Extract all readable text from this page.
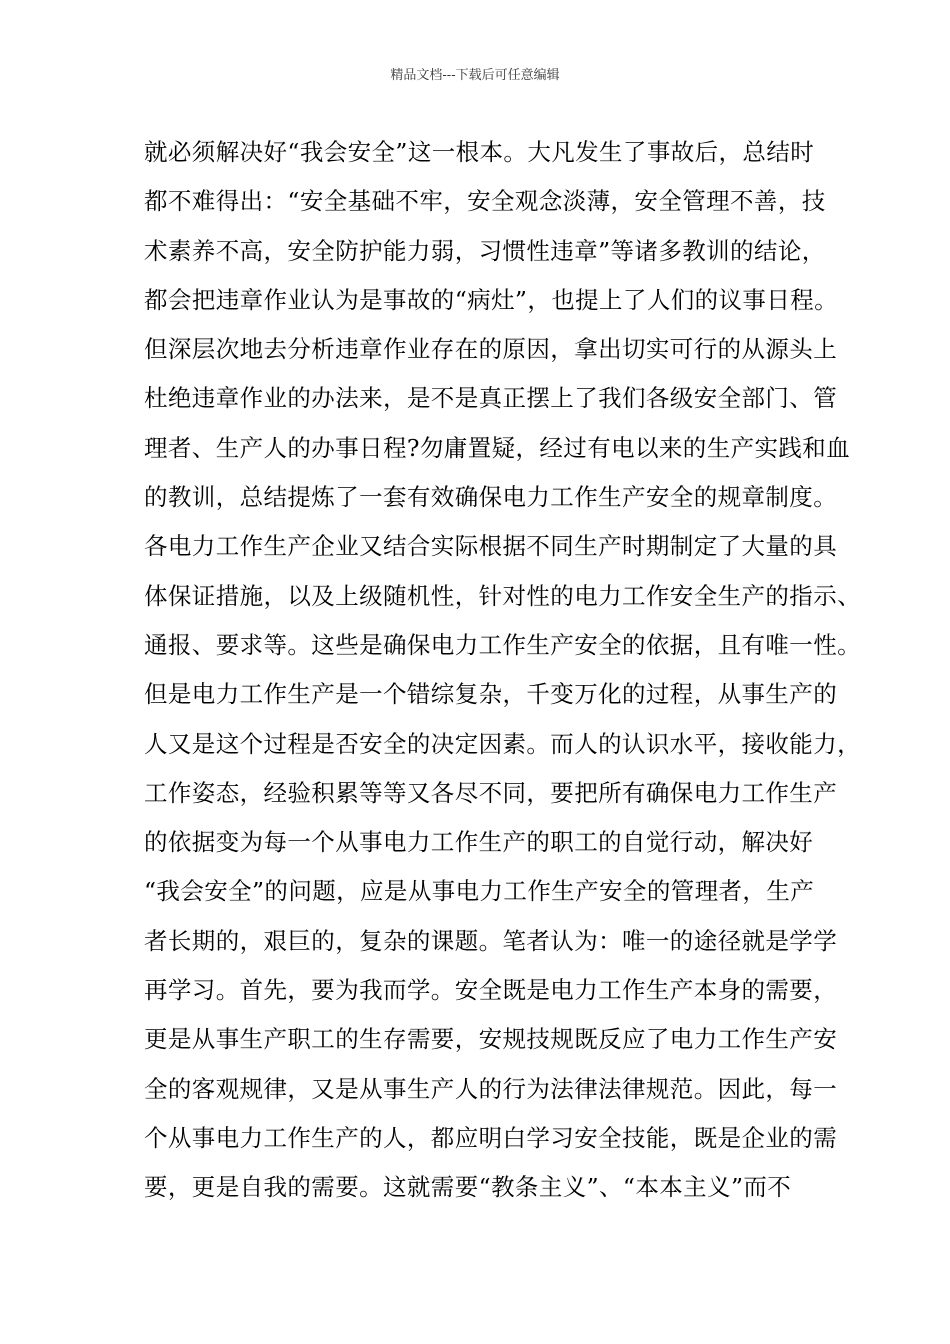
精品文档---下载后可任意编辑
就必须解决好“我会安全”这一根本。大凡发生了事故后，总结时
都不难得出：“安全基础不牢，安全观念淡薄，安全管理不善，技
术素养不高，安全防护能力弱，习惯性违章”等诸多教训的结论，
都会把违章作业认为是事故的“病灶”，也提上了人们的议事日程。
但深层次地去分析违章作业存在的原因，拿出切实可行的从源头上
杜绝违章作业的办法来，是不是真正摆上了我们各级安全部门、管
理者、生产人的办事日程?勿庸置疑，经过有电以来的生产实践和血
的教训，总结提炼了一套有效确保电力工作生产安全的规章制度。
各电力工作生产企业又结合实际根据不同生产时期制定了大量的具
体保证措施，以及上级随机性，针对性的电力工作安全生产的指示、
通报、要求等。这些是确保电力工作生产安全的依据，且有唯一性。
但是电力工作生产是一个错综复杂，千变万化的过程，从事生产的
人又是这个过程是否安全的决定因素。而人的认识水平，接收能力，
工作姿态，经验积累等等又各尽不同，要把所有确保电力工作生产
的依据变为每一个从事电力工作生产的职工的自觉行动，解决好
“我会安全”的问题，应是从事电力工作生产安全的管理者，生产
者长期的，艰巨的，复杂的课题。笔者认为：唯一的途径就是学学
再学习。首先，要为我而学。安全既是电力工作生产本身的需要，
更是从事生产职工的生存需要，安规技规既反应了电力工作生产安
全的客观规律，又是从事生产人的行为法律法律规范。因此，每一
个从事电力工作生产的人，都应明白学习安全技能，既是企业的需
要，更是自我的需要。这就需要“教条主义”、“本本主义”而不
